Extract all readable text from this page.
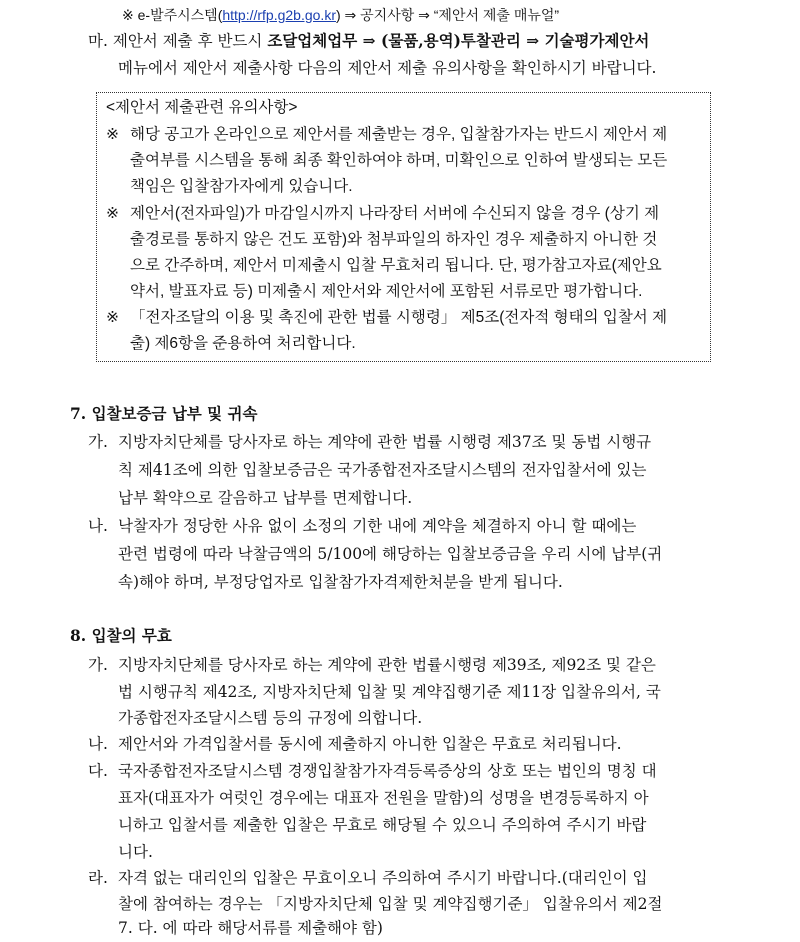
※ e-발주시스템(http://rfp.g2b.go.kr) ⇒ 공지사항 ⇒ “제안서 제출 매뉴얼”
마. 제안서 제출 후 반드시 조달업체업무 ⇒ (물품,용역)투찰관리 ⇒ 기술평가제안서
메뉴에서 제안서 제출사항 다음의 제안서 제출 유의사항을 확인하시기 바랍니다.
<제안서 제출관련 유의사항>
※ 해당 공고가 온라인으로 제안서를 제출받는 경우, 입찰참가자는 반드시 제안서 제
출여부를 시스템을 통해 최종 확인하여야 하며, 미확인으로 인하여 발생되는 모든
책임은 입찰참가자에게 있습니다.
※ 제안서(전자파일)가 마감일시까지 나라장터 서버에 수신되지 않을 경우 (상기 제
출경로를 통하지 않은 건도 포함)와 첨부파일의 하자인 경우 제출하지 아니한 것
으로 간주하며, 제안서 미제출시 입찰 무효처리 됩니다. 단, 평가참고자료(제안요
약서, 발표자료 등) 미제출시 제안서와 제안서에 포함된 서류로만 평가합니다.
※ 「전자조달의 이용 및 촉진에 관한 법률 시행령」 제5조(전자적 형태의 입찰서 제
출) 제6항을 준용하여 처리합니다.
7. 입찰보증금 납부 및 귀속
가. 지방자치단체를 당사자로 하는 계약에 관한 법률 시행령 제37조 및 동법 시행규
칙 제41조에 의한 입찰보증금은 국가종합전자조달시스템의 전자입찰서에 있는
납부 확약으로 갈음하고 납부를 면제합니다.
나. 낙찰자가 정당한 사유 없이 소정의 기한 내에 계약을 체결하지 아니 할 때에는
관련 법령에 따라 낙찰금액의 5/100에 해당하는 입찰보증금을 우리 시에 납부(귀
속)해야 하며, 부정당업자로 입찰참가자격제한처분을 받게 됩니다.
8. 입찰의 무효
가. 지방자치단체를 당사자로 하는 계약에 관한 법률시행령 제39조, 제92조 및 같은
법 시행규칙 제42조, 지방자치단체 입찰 및 계약집행기준 제11장 입찰유의서, 국
가종합전자조달시스템 등의 규정에 의합니다.
나. 제안서와 가격입찰서를 동시에 제출하지 아니한 입찰은 무효로 처리됩니다.
다. 국자종합전자조달시스템 경쟁입찰참가자격등록증상의 상호 또는 법인의 명칭 대
표자(대표자가 여럿인 경우에는 대표자 전원을 말함)의 성명을 변경등록하지 아
니하고 입찰서를 제출한 입찰은 무효로 해당될 수 있으니 주의하여 주시기 바랍
니다.
라. 자격 없는 대리인의 입찰은 무효이오니 주의하여 주시기 바랍니다.(대리인이 입
찰에 참여하는 경우는 「지방자치단체 입찰 및 계약집행기준」 입찰유의서 제2절
7. 다. 에 따라 해당서류를 제출해야 함)
